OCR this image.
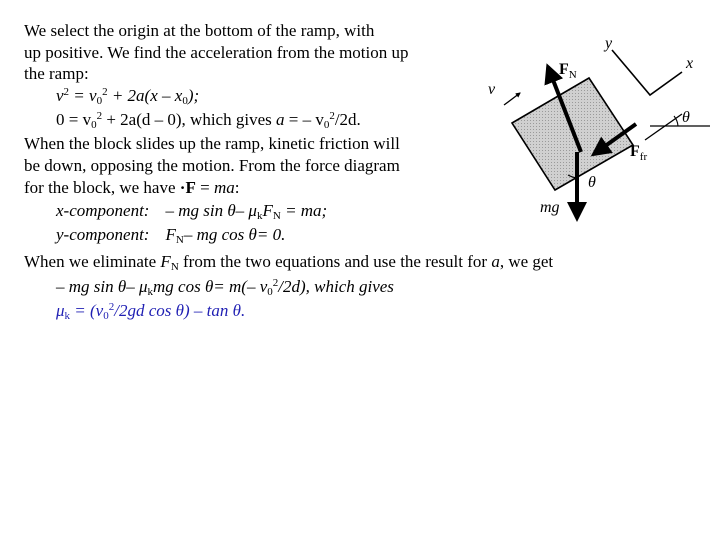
We select the origin at the bottom of the ramp, with
up positive. We find the acceleration from the motion up
the ramp:
$v^2 = v_0^2 + 2a(x - x_0)$;
$0 = v_0^2 + 2a(d - 0)$, which gives a = – $v_0^2/2d$.
When the block slides up the ramp, kinetic friction will
be down, opposing the motion. From the force diagram
for the block, we have ·F = ma:
x-component: – mg sin θ– $\mu_kF_N$ = ma;
y-component: $F_N-$ mg cos θ= 0.
When we eliminate $F_N$ from the two equations and use the result for a, we get
– mg sin θ– $\mu_kmg$ cos θ= m(– $v_0^2/2d$), which gives
$\mu_k = (v_0^2/2gd$ cos θ) – tan θ.
y
x
v
θ
$F_N$
$F_{fr}$
mg
θ
